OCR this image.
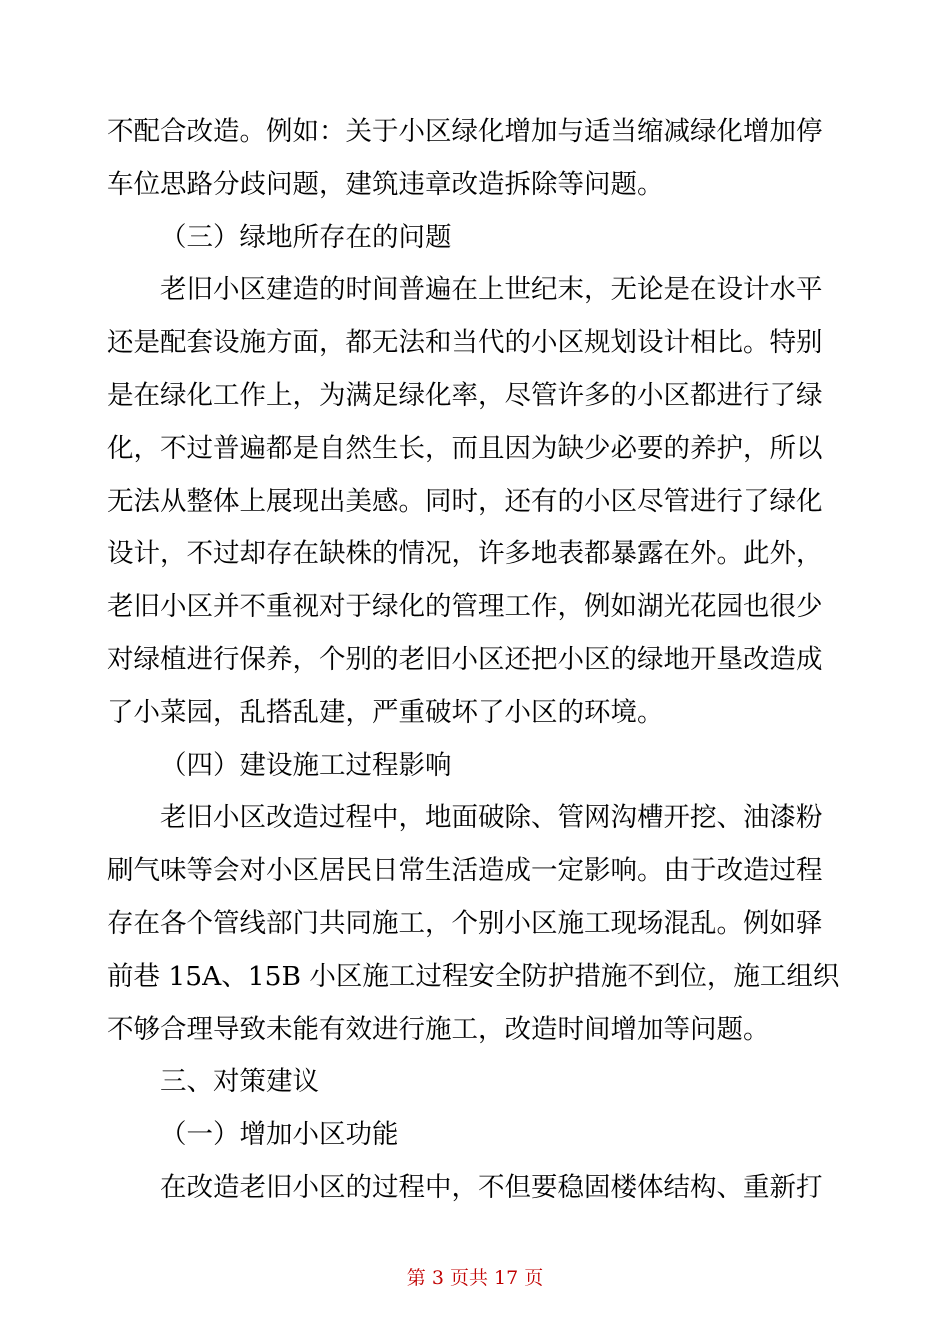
不配合改造。例如：关于小区绿化增加与适当缩减绿化增加停
车位思路分歧问题，建筑违章改造拆除等问题。
（三）绿地所存在的问题
老旧小区建造的时间普遍在上世纪末，无论是在设计水平
还是配套设施方面，都无法和当代的小区规划设计相比。特别
是在绿化工作上，为满足绿化率，尽管许多的小区都进行了绿
化，不过普遍都是自然生长，而且因为缺少必要的养护，所以
无法从整体上展现出美感。同时，还有的小区尽管进行了绿化
设计，不过却存在缺株的情况，许多地表都暴露在外。此外，
老旧小区并不重视对于绿化的管理工作，例如湖光花园也很少
对绿植进行保养，个别的老旧小区还把小区的绿地开垦改造成
了小菜园，乱搭乱建，严重破坏了小区的环境。
（四）建设施工过程影响
老旧小区改造过程中，地面破除、管网沟槽开挖、油漆粉
刷气味等会对小区居民日常生活造成一定影响。由于改造过程
存在各个管线部门共同施工，个别小区施工现场混乱。例如驿
前巷 15A、15B 小区施工过程安全防护措施不到位，施工组织
不够合理导致未能有效进行施工，改造时间增加等问题。
三、对策建议
（一）增加小区功能
在改造老旧小区的过程中，不但要稳固楼体结构、重新打
第 3 页共 17 页
